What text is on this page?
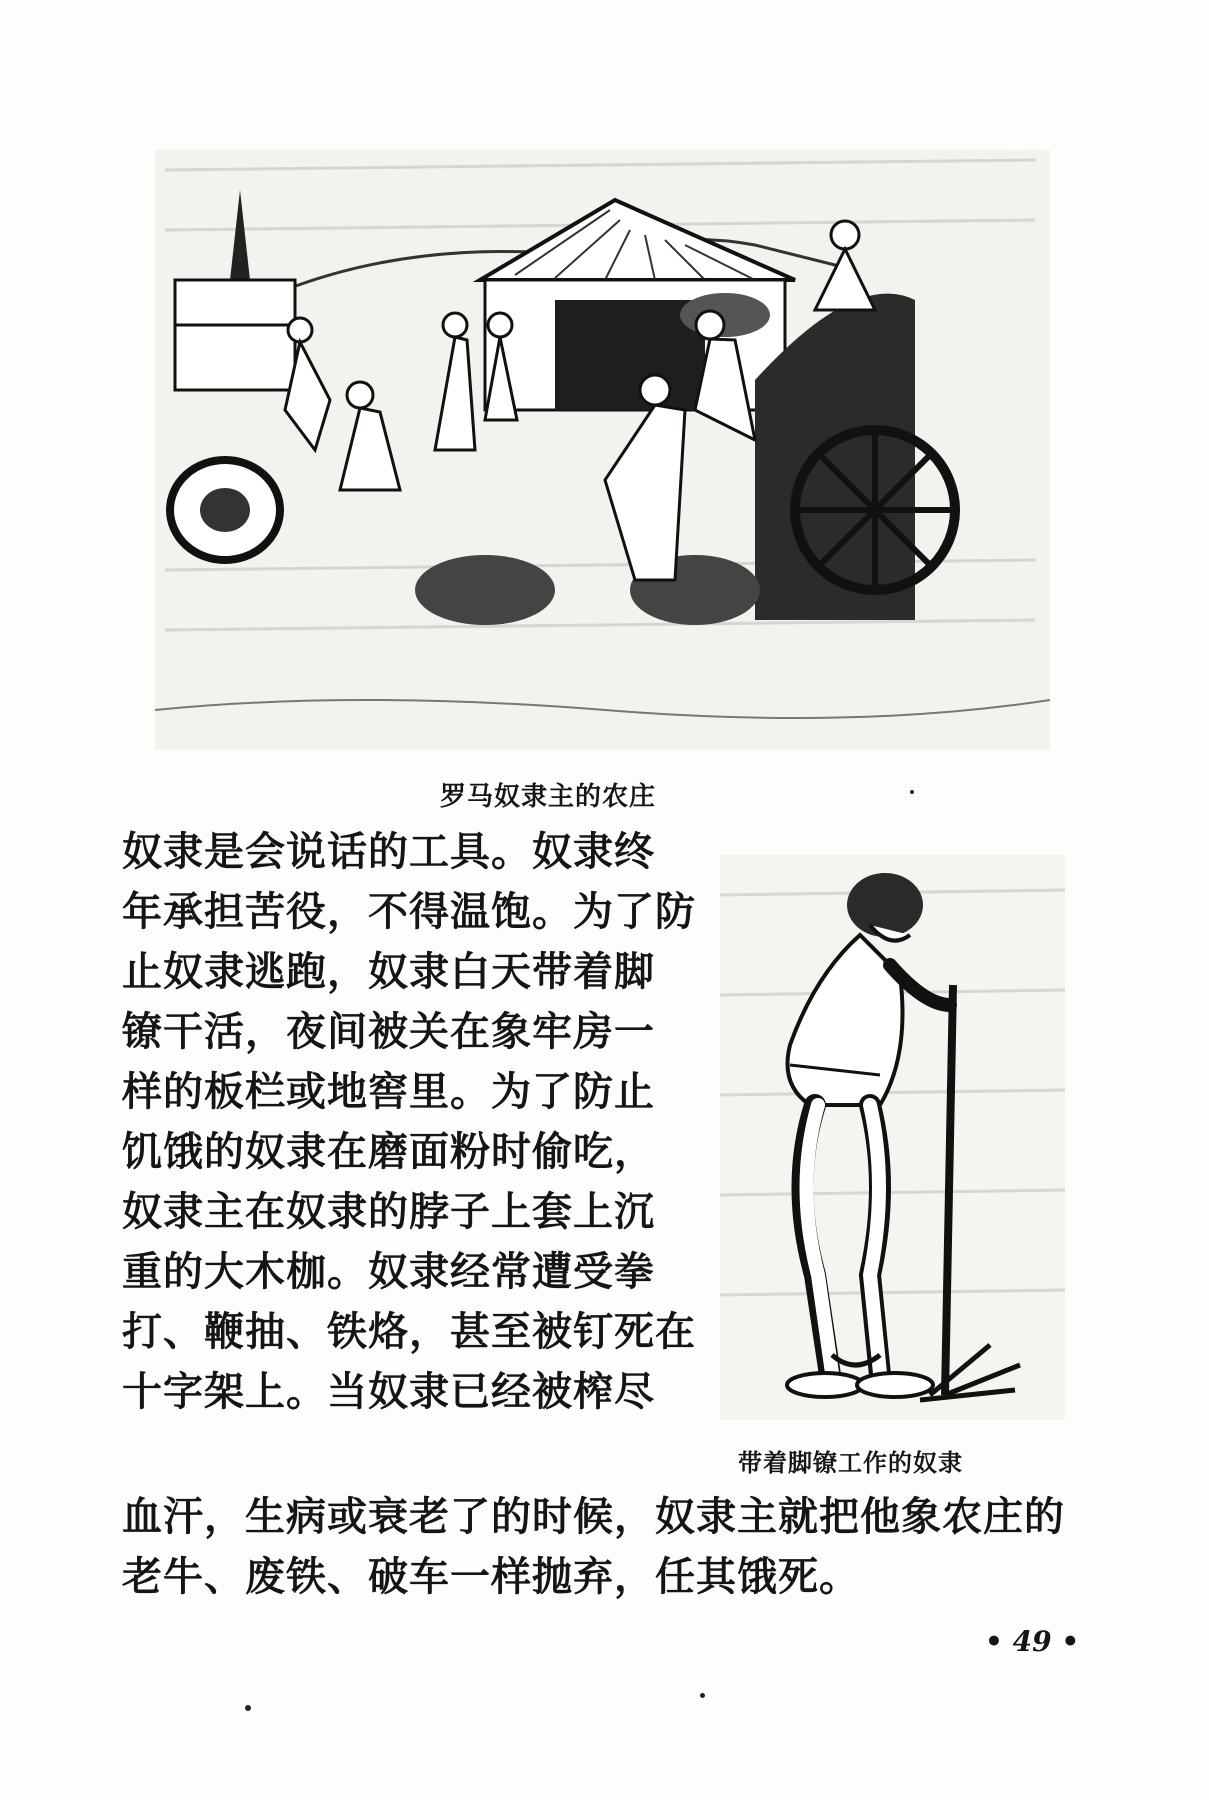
罗马奴隶主的农庄
带着脚镣工作的奴隶
奴隶是会说话的工具。奴隶终
年承担苦役，不得温饱。为了防
止奴隶逃跑，奴隶白天带着脚
镣干活，夜间被关在象牢房一
样的板栏或地窖里。为了防止
饥饿的奴隶在磨面粉时偷吃，
奴隶主在奴隶的脖子上套上沉
重的大木枷。奴隶经常遭受拳
打、鞭抽、铁烙，甚至被钉死在
十字架上。当奴隶已经被榨尽
血汗，生病或衰老了的时候，奴隶主就把他象农庄的
老牛、废铁、破车一样抛弃，任其饿死。
• 49 •
